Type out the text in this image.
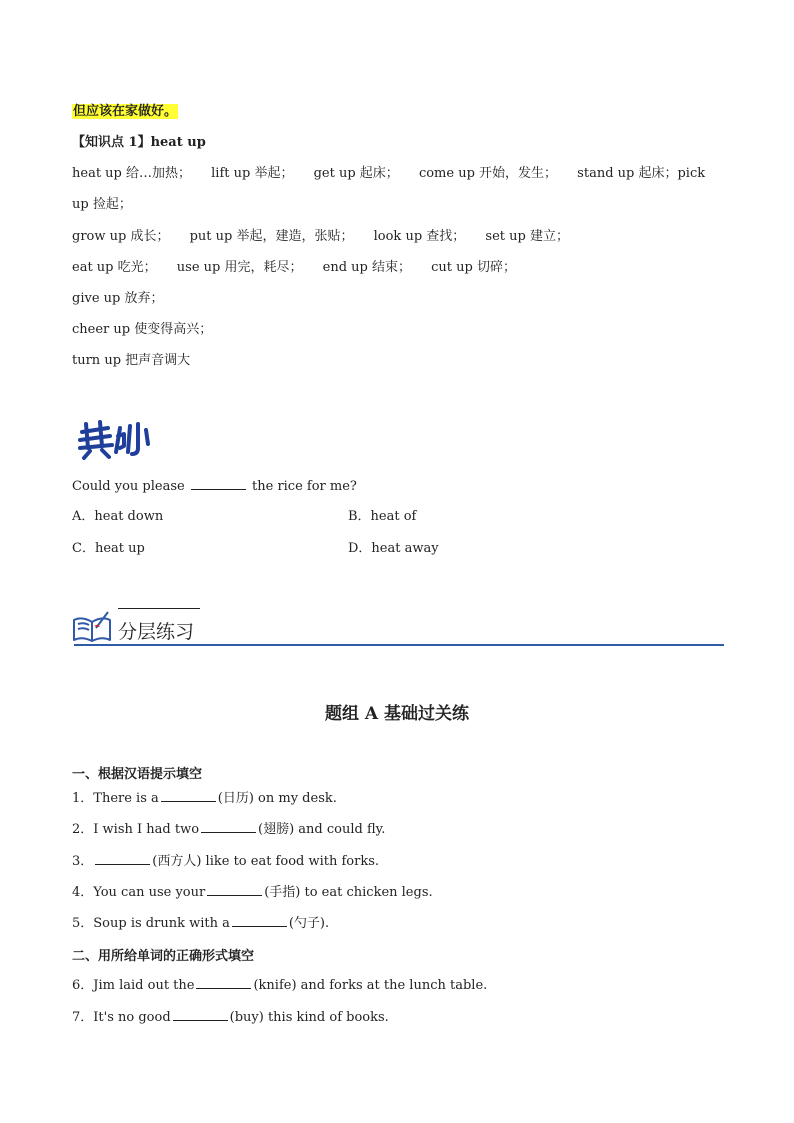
但应该在家做好。
【知识点 1】heat up
heat up 给…加热； lift up 举起； get up 起床； come up 开始，发生； stand up 起床；pick
up 捡起；
grow up 成长； put up 举起，建造，张贴； look up 查找； set up 建立；
eat up 吃光； use up 用完，耗尽； end up 结束； cut up 切碎；
give up 放弃；
cheer up 使变得高兴；
turn up 把声音调大
Could you please	the rice for me?
A．heat down	B．heat of
C．heat up	D．heat away
分层练习
题组 A 基础过关练
一、根据汉语提示填空
1．There is a	(日历) on my desk.
2．I wish I had two	(翅膀) and could fly.
3．	(西方人) like to eat food with forks.
4．You can use your	(手指) to eat chicken legs.
5．Soup is drunk with a	(勺子).
二、用所给单词的正确形式填空
6．Jim laid out the	(knife) and forks at the lunch table.
7．It's no good	(buy) this kind of books.
